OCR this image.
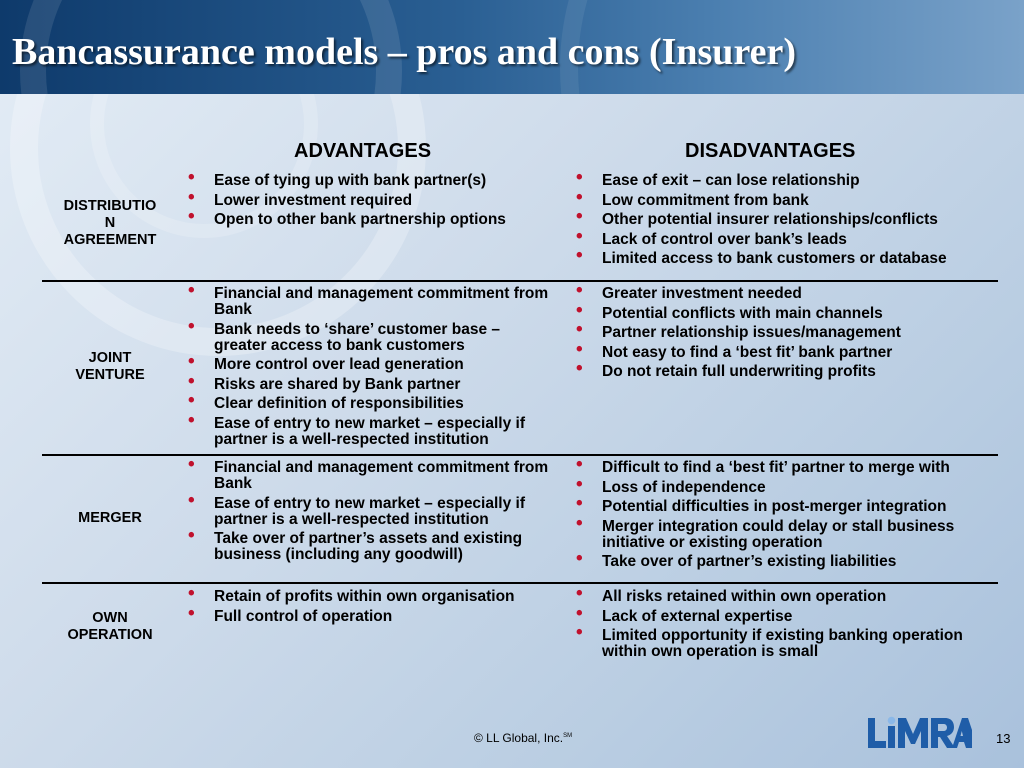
Bancassurance models – pros and cons (Insurer)
ADVANTAGES	DISADVANTAGES
DISTRIBUTIO
N
AGREEMENT
• Ease of tying up with bank partner(s)
• Lower investment required
• Open to other bank partnership options
• Ease of exit – can lose relationship
• Low commitment from bank
• Other potential insurer relationships/conflicts
• Lack of control over bank’s leads
• Limited access to bank customers or database
JOINT
VENTURE
• Financial and management commitment from Bank
• Bank needs to ‘share’ customer base – greater access to bank customers
• More control over lead generation
• Risks are shared by Bank partner
• Clear definition of responsibilities
• Ease of entry to new market – especially if partner is a well-respected institution
• Greater investment needed
• Potential conflicts with main channels
• Partner relationship issues/management
• Not easy to find a ‘best fit’ bank partner
• Do not retain full underwriting profits
MERGER
• Financial and management commitment from Bank
• Ease of entry to new market – especially if partner is a well-respected institution
• Take over of partner’s assets and existing business (including any goodwill)
• Difficult to find a ‘best fit’ partner to merge with
• Loss of independence
• Potential difficulties in post-merger integration
• Merger integration could delay or stall business initiative or existing operation
• Take over of partner’s existing liabilities
OWN
OPERATION
• Retain of profits within own organisation
• Full control of operation
• All risks retained within own operation
• Lack of external expertise
• Limited opportunity if existing banking operation within own operation is small
© LL Global, Inc.℠	13
